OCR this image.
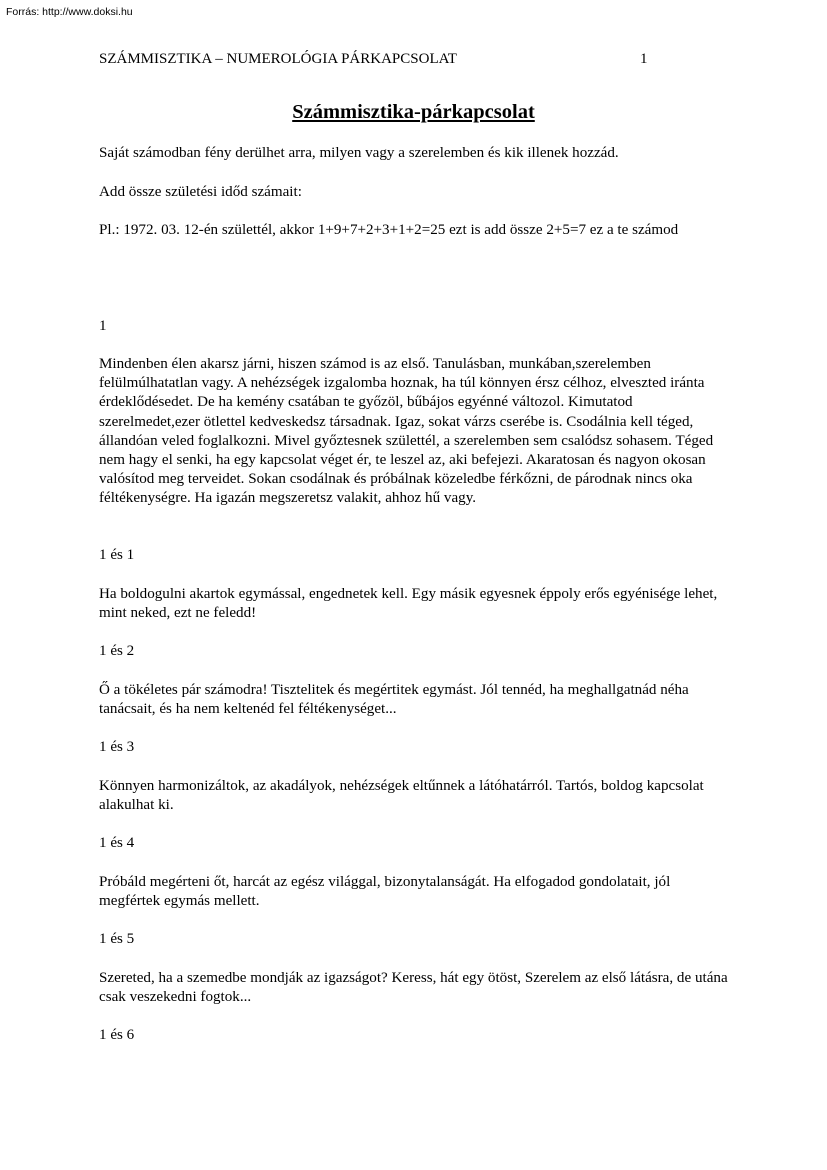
Forrás: http://www.doksi.hu
SZÁMMISZTIKA – NUMEROLÓGIA PÁRKAPCSOLAT	1
Számmisztika-párkapcsolat

Saját számodban fény derülhet arra, milyen vagy a szerelemben és kik illenek hozzád.

Add össze születési időd számait:

Pl.: 1972. 03. 12-én születtél, akkor 1+9+7+2+3+1+2=25 ezt is add össze 2+5=7 ez a te számod

1

Mindenben élen akarsz járni, hiszen számod is az első. Tanulásban, munkában,szerelemben felülmúlhatatlan vagy. A nehézségek izgalomba hoznak, ha túl könnyen érsz célhoz, elveszted iránta érdeklődésedet. De ha kemény csatában te győzöl, bűbájos egyénné változol. Kimutatod szerelmedet,ezer ötlettel kedveskedsz társadnak. Igaz, sokat várzs cserébe is. Csodálnia kell téged, állandóan veled foglalkozni. Mivel győztesnek születtél, a szerelemben sem csalódsz sohasem. Téged nem hagy el senki, ha egy kapcsolat véget ér, te leszel az, aki befejezi. Akaratosan és nagyon okosan valósítod meg terveidet. Sokan csodálnak és próbálnak közeledbe férkőzni, de párodnak nincs oka féltékenységre. Ha igazán megszeretsz valakit, ahhoz hű vagy.

1 és 1

Ha boldogulni akartok egymással, engednetek kell. Egy másik egyesnek éppoly erős egyénisége lehet, mint neked, ezt ne feledd!

1 és 2

Ő a tökéletes pár számodra! Tisztelitek és megértitek egymást. Jól tennéd, ha meghallgatnád néha tanácsait, és ha nem keltenéd fel féltékenységet...

1 és 3

Könnyen harmonizáltok, az akadályok, nehézségek eltűnnek a látóhatárról. Tartós, boldog kapcsolat alakulhat ki.

1 és 4

Próbáld megérteni őt, harcát az egész világgal, bizonytalanságát. Ha elfogadod gondolatait, jól megfértek egymás mellett.

1 és 5

Szereted, ha a szemedbe mondják az igazságot? Keress, hát egy ötöst, Szerelem az első látásra, de utána csak veszekedni fogtok...

1 és 6
